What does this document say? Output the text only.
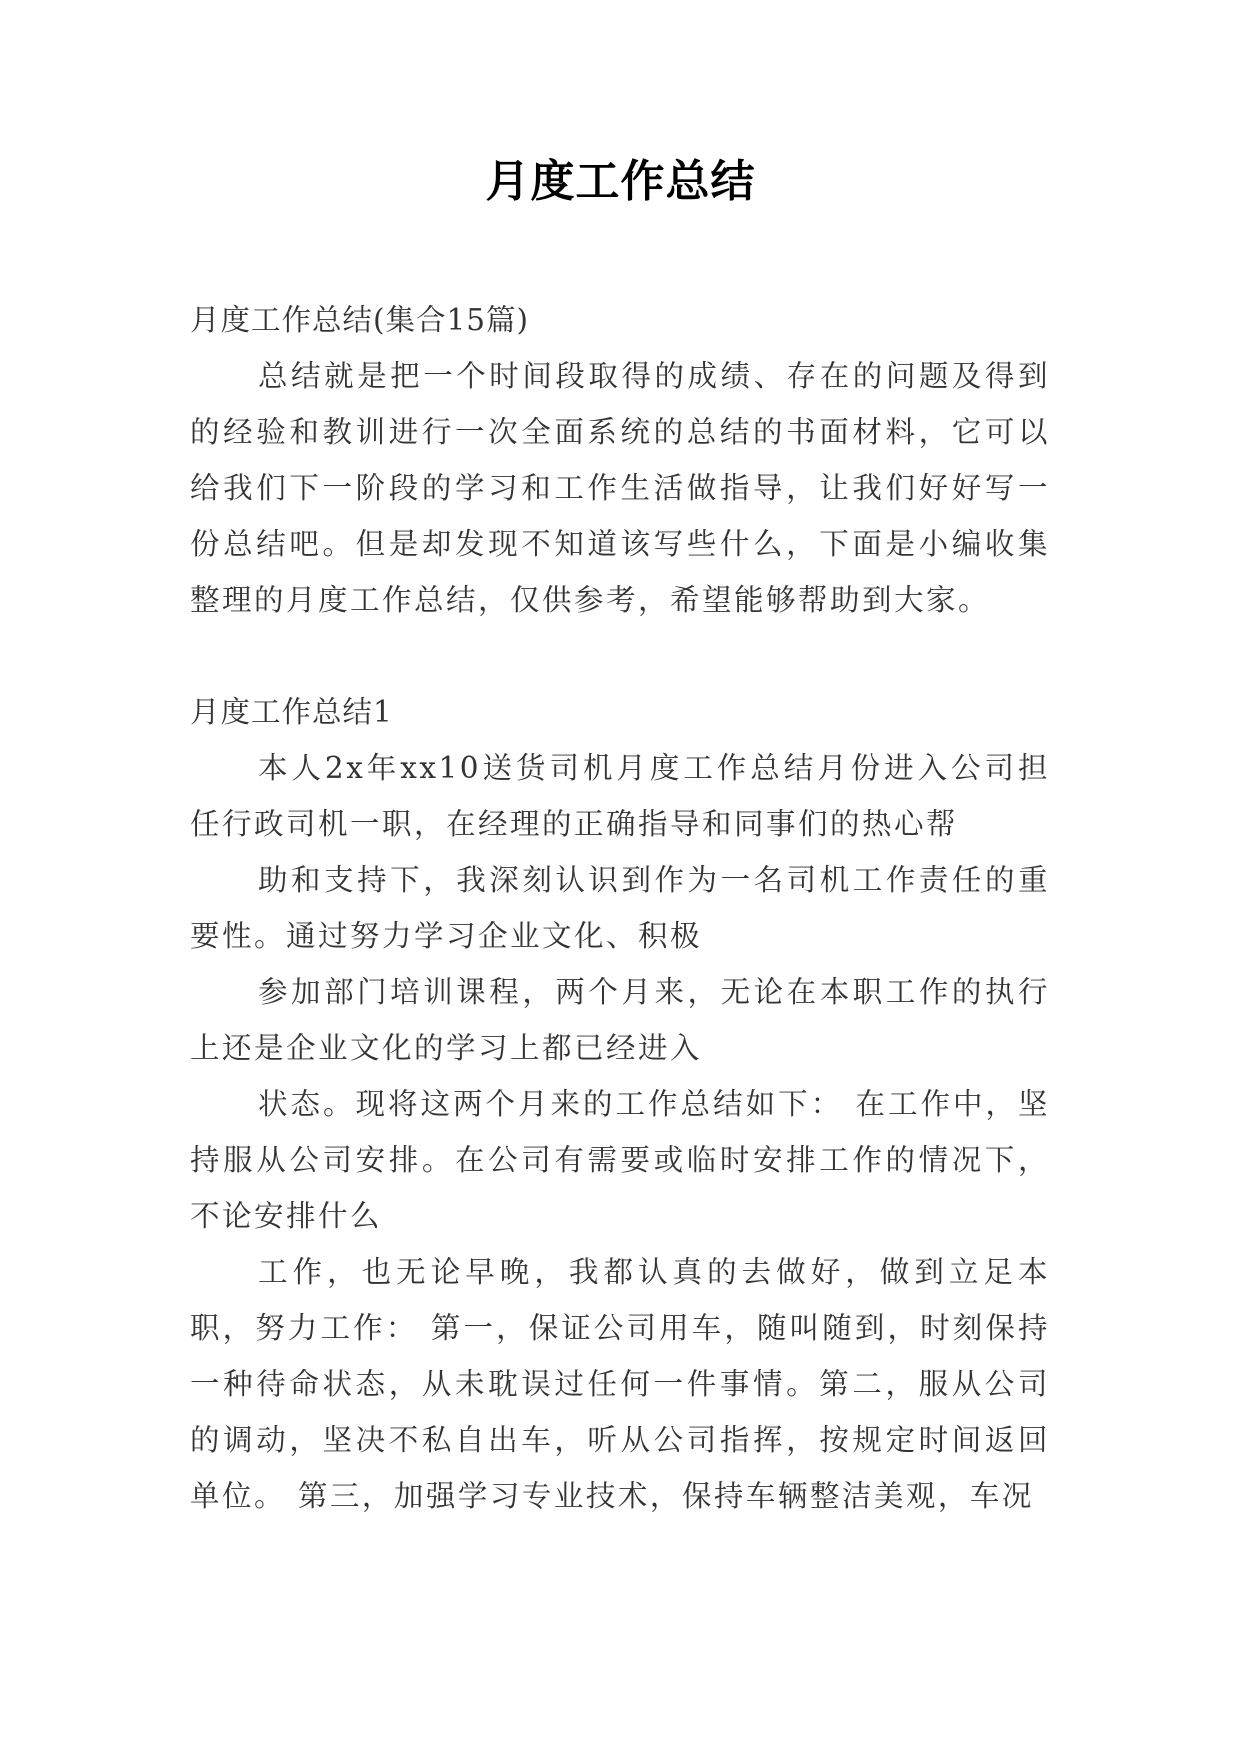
月度工作总结

月度工作总结(集合15篇)

总结就是把一个时间段取得的成绩、存在的问题及得到的经验和教训进行一次全面系统的总结的书面材料，它可以给我们下一阶段的学习和工作生活做指导，让我们好好写一份总结吧。但是却发现不知道该写些什么，下面是小编收集整理的月度工作总结，仅供参考，希望能够帮助到大家。

月度工作总结1

本人2x年xx10送货司机月度工作总结月份进入公司担任行政司机一职，在经理的正确指导和同事们的热心帮

助和支持下，我深刻认识到作为一名司机工作责任的重要性。通过努力学习企业文化、积极

参加部门培训课程，两个月来，无论在本职工作的执行上还是企业文化的学习上都已经进入

状态。现将这两个月来的工作总结如下： 在工作中，坚持服从公司安排。在公司有需要或临时安排工作的情况下，不论安排什么

工作，也无论早晚，我都认真的去做好，做到立足本职，努力工作： 第一，保证公司用车，随叫随到，时刻保持一种待命状态，从未耽误过任何一件事情。第二，服从公司的调动，坚决不私自出车，听从公司指挥，按规定时间返回单位。 第三，加强学习专业技术，保持车辆整洁美观，车况
